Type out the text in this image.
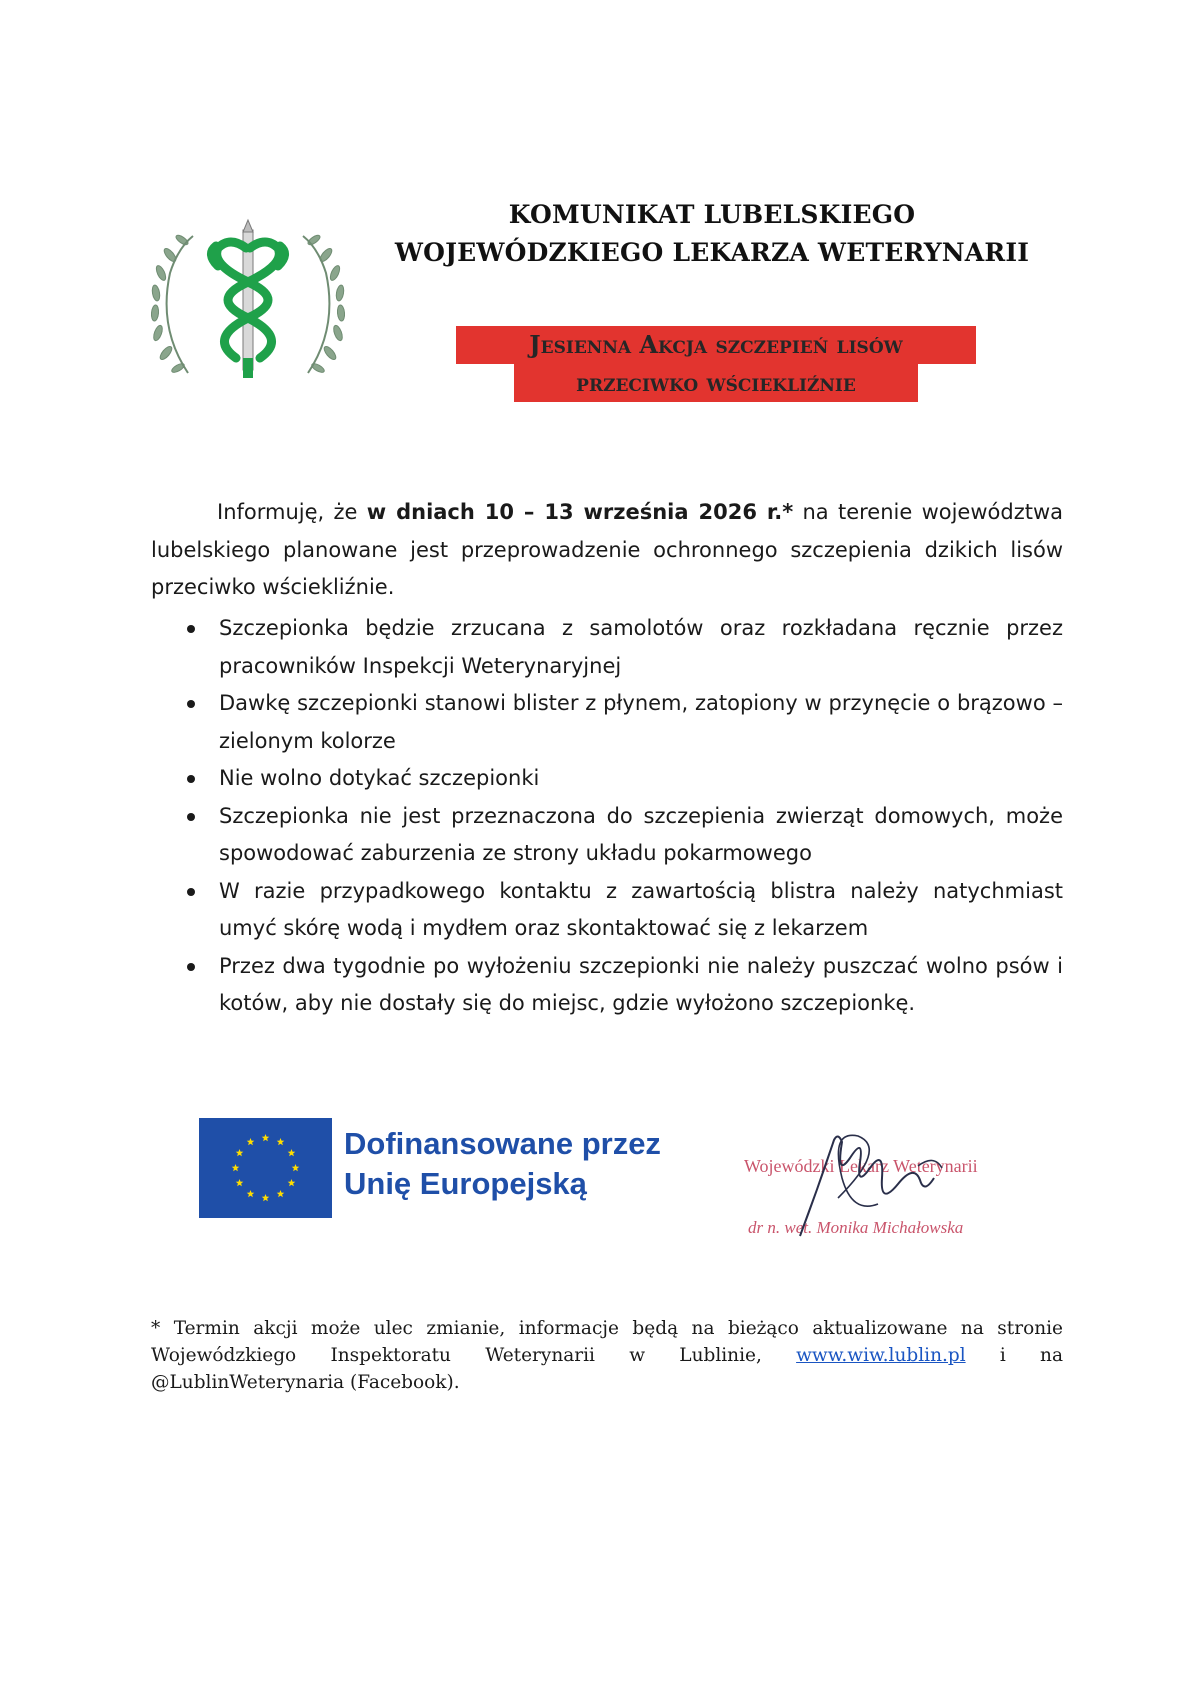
KOMUNIKAT LUBELSKIEGO
WOJEWÓDZKIEGO LEKARZA WETERYNARII
Jesienna Akcja szczepień lisów
przeciwko wściekliźnie

Informuję, że w dniach 10 – 13 września 2026 r.* na terenie województwa lubelskiego planowane jest przeprowadzenie ochronnego szczepienia dzikich lisów przeciwko wściekliźnie.

Szczepionka będzie zrzucana z samolotów oraz rozkładana ręcznie przez pracowników Inspekcji Weterynaryjnej
Dawkę szczepionki stanowi blister z płynem, zatopiony w przynęcie o brązowo – zielonym kolorze
Nie wolno dotykać szczepionki
Szczepionka nie jest przeznaczona do szczepienia zwierząt domowych, może spowodować zaburzenia ze strony układu pokarmowego
W razie przypadkowego kontaktu z zawartością blistra należy natychmiast umyć skórę wodą i mydłem oraz skontaktować się z lekarzem
Przez dwa tygodnie po wyłożeniu szczepionki nie należy puszczać wolno psów i kotów, aby nie dostały się do miejsc, gdzie wyłożono szczepionkę.
Dofinansowane przez
Unię Europejską	Wojewódzki Lekarz Weterynarii
dr n. wet. Monika Michałowska

* Termin akcji może ulec zmianie, informacje będą na bieżąco aktualizowane na stronie Wojewódzkiego Inspektoratu Weterynarii w Lublinie, www.wiw.lublin.pl i na @LublinWeterynaria (Facebook).
